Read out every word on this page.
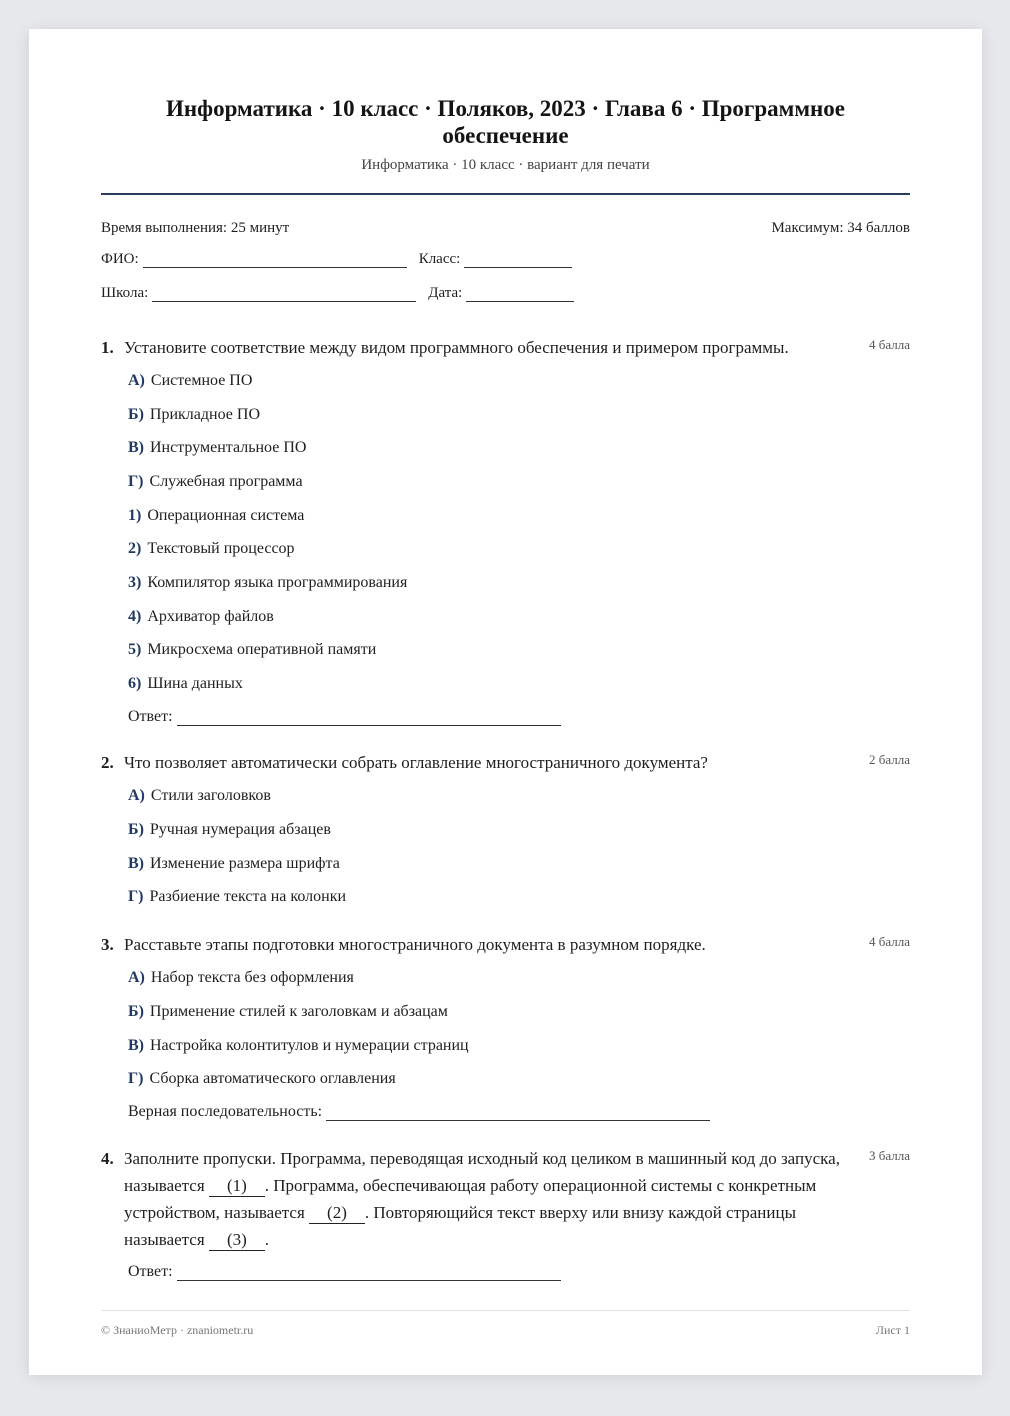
Информатика · 10 класс · Поляков, 2023 · Глава 6 · Программное обеспечение
Информатика · 10 класс · вариант для печати
Время выполнения: 25 минут	Максимум: 34 баллов
ФИО:	Класс:
Школа:	Дата:
1. Установите соответствие между видом программного обеспечения и примером программы.	4 балла
А) Системное ПО
Б) Прикладное ПО
В) Инструментальное ПО
Г) Служебная программа
1) Операционная система
2) Текстовый процессор
3) Компилятор языка программирования
4) Архиватор файлов
5) Микросхема оперативной памяти
6) Шина данных
Ответ:
2. Что позволяет автоматически собрать оглавление многостраничного документа?	2 балла
А) Стили заголовков
Б) Ручная нумерация абзацев
В) Изменение размера шрифта
Г) Разбиение текста на колонки
3. Расставьте этапы подготовки многостраничного документа в разумном порядке.	4 балла
А) Набор текста без оформления
Б) Применение стилей к заголовкам и абзацам
В) Настройка колонтитулов и нумерации страниц
Г) Сборка автоматического оглавления
Верная последовательность:
4. Заполните пропуски. Программа, переводящая исходный код целиком в машинный код до запуска, называется (1) . Программа, обеспечивающая работу операционной системы с конкретным устройством, называется (2) . Повторяющийся текст вверху или внизу каждой страницы называется (3) .
3 балла
Ответ:
© ЗнаниоМетр · znaniometr.ru	Лист 1
